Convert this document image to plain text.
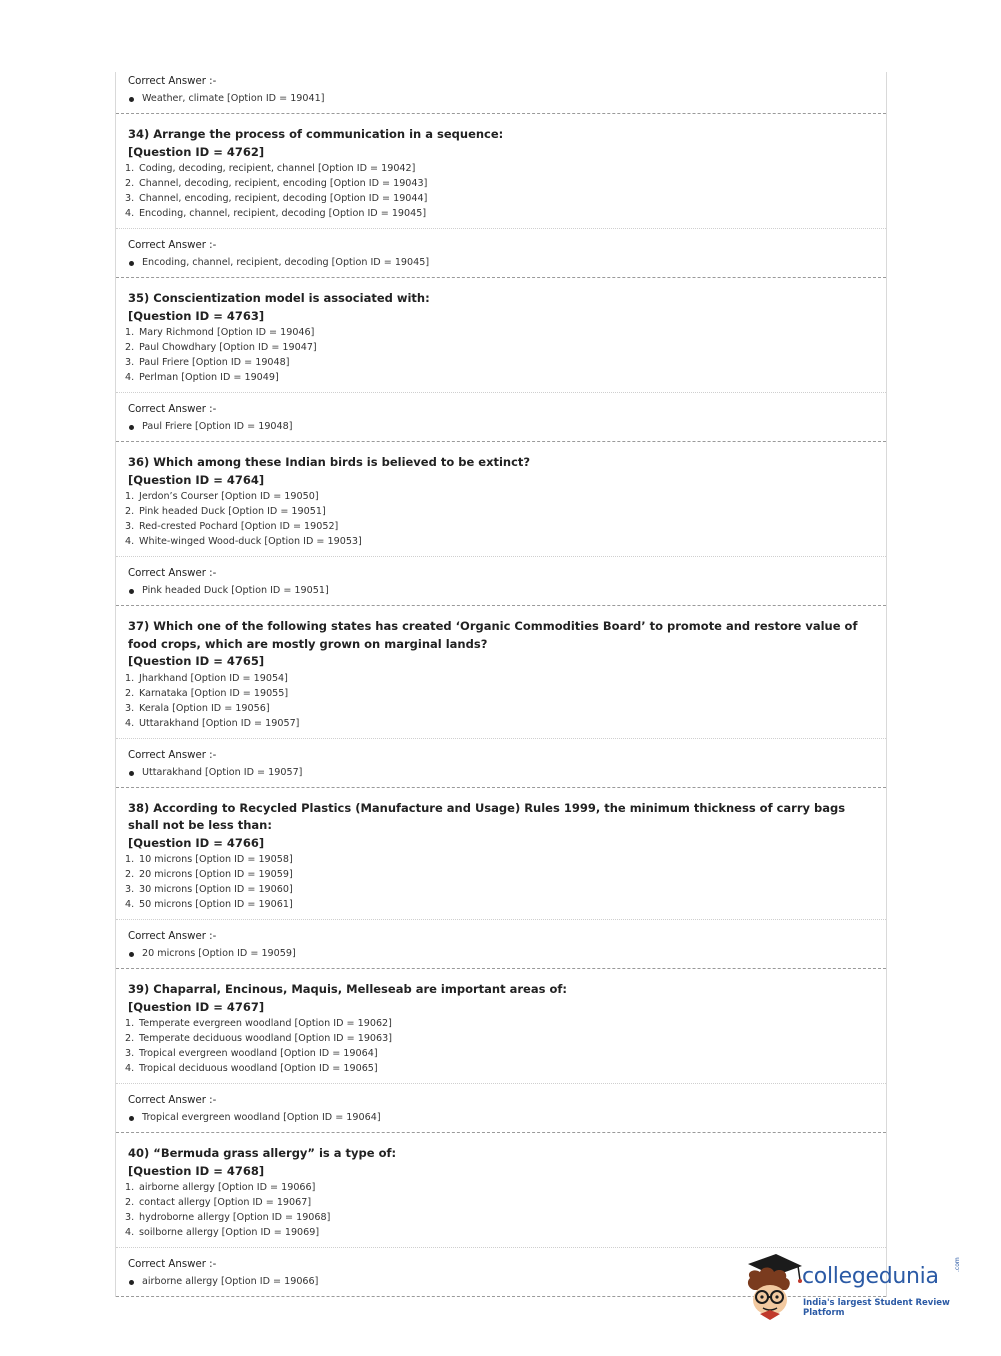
Correct Answer :-
Weather, climate [Option ID = 19041]
34) Arrange the process of communication in a sequence:
[Question ID = 4762]
1. Coding, decoding, recipient, channel [Option ID = 19042]
2. Channel, decoding, recipient, encoding [Option ID = 19043]
3. Channel, encoding, recipient, decoding [Option ID = 19044]
4. Encoding, channel, recipient, decoding [Option ID = 19045]
Correct Answer :-
Encoding, channel, recipient, decoding [Option ID = 19045]
35) Conscientization model is associated with:
[Question ID = 4763]
1. Mary Richmond [Option ID = 19046]
2. Paul Chowdhary [Option ID = 19047]
3. Paul Friere [Option ID = 19048]
4. Perlman [Option ID = 19049]
Correct Answer :-
Paul Friere [Option ID = 19048]
36) Which among these Indian birds is believed to be extinct?
[Question ID = 4764]
1. Jerdon’s Courser [Option ID = 19050]
2. Pink headed Duck [Option ID = 19051]
3. Red-crested Pochard [Option ID = 19052]
4. White-winged Wood-duck [Option ID = 19053]
Correct Answer :-
Pink headed Duck [Option ID = 19051]
37) Which one of the following states has created ‘Organic Commodities Board’ to promote and restore value of food crops, which are mostly grown on marginal lands?
[Question ID = 4765]
1. Jharkhand [Option ID = 19054]
2. Karnataka [Option ID = 19055]
3. Kerala [Option ID = 19056]
4. Uttarakhand [Option ID = 19057]
Correct Answer :-
Uttarakhand [Option ID = 19057]
38) According to Recycled Plastics (Manufacture and Usage) Rules 1999, the minimum thickness of carry bags shall not be less than:
[Question ID = 4766]
1. 10 microns [Option ID = 19058]
2. 20 microns [Option ID = 19059]
3. 30 microns [Option ID = 19060]
4. 50 microns [Option ID = 19061]
Correct Answer :-
20 microns [Option ID = 19059]
39) Chaparral, Encinous, Maquis, Melleseab are important areas of:
[Question ID = 4767]
1. Temperate evergreen woodland [Option ID = 19062]
2. Temperate deciduous woodland [Option ID = 19063]
3. Tropical evergreen woodland [Option ID = 19064]
4. Tropical deciduous woodland [Option ID = 19065]
Correct Answer :-
Tropical evergreen woodland [Option ID = 19064]
40) “Bermuda grass allergy” is a type of:
[Question ID = 4768]
1. airborne allergy [Option ID = 19066]
2. contact allergy [Option ID = 19067]
3. hydroborne allergy [Option ID = 19068]
4. soilborne allergy [Option ID = 19069]
Correct Answer :-
airborne allergy [Option ID = 19066]	collegedunia	.com
India's largest Student Review Platform
